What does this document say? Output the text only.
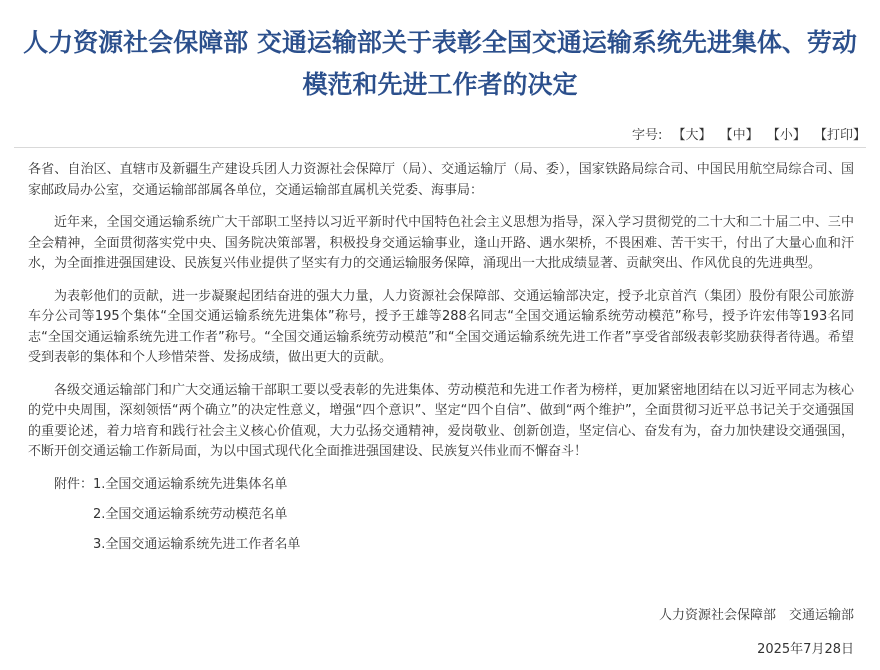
人力资源社会保障部 交通运输部关于表彰全国交通运输系统先进集体、劳动
模范和先进工作者的决定
字号: 【大】 【中】 【小】 【打印】

各省、自治区、直辖市及新疆生产建设兵团人力资源社会保障厅（局）、交通运输厅（局、委），国家铁路局综合司、中国民用航空局综合司、国家邮政局办公室，交通运输部部属各单位，交通运输部直属机关党委、海事局：

近年来，全国交通运输系统广大干部职工坚持以习近平新时代中国特色社会主义思想为指导，深入学习贯彻党的二十大和二十届二中、三中全会精神，全面贯彻落实党中央、国务院决策部署，积极投身交通运输事业，逢山开路、遇水架桥，不畏困难、苦干实干，付出了大量心血和汗水，为全面推进强国建设、民族复兴伟业提供了坚实有力的交通运输服务保障，涌现出一大批成绩显著、贡献突出、作风优良的先进典型。

为表彰他们的贡献，进一步凝聚起团结奋进的强大力量，人力资源社会保障部、交通运输部决定，授予北京首汽（集团）股份有限公司旅游车分公司等195个集体“全国交通运输系统先进集体”称号，授予王雄等288名同志“全国交通运输系统劳动模范”称号，授予许宏伟等193名同志“全国交通运输系统先进工作者”称号。“全国交通运输系统劳动模范”和“全国交通运输系统先进工作者”享受省部级表彰奖励获得者待遇。希望受到表彰的集体和个人珍惜荣誉、发扬成绩，做出更大的贡献。

各级交通运输部门和广大交通运输干部职工要以受表彰的先进集体、劳动模范和先进工作者为榜样，更加紧密地团结在以习近平同志为核心的党中央周围，深刻领悟“两个确立”的决定性意义，增强“四个意识”、坚定“四个自信”、做到“两个维护”，全面贯彻习近平总书记关于交通强国的重要论述，着力培育和践行社会主义核心价值观，大力弘扬交通精神，爱岗敬业、创新创造，坚定信心、奋发有为，奋力加快建设交通强国，不断开创交通运输工作新局面，为以中国式现代化全面推进强国建设、民族复兴伟业而不懈奋斗！

附件：1.全国交通运输系统先进集体名单
2.全国交通运输系统劳动模范名单
3.全国交通运输系统先进工作者名单
人力资源社会保障部　交通运输部
2025年7月28日
